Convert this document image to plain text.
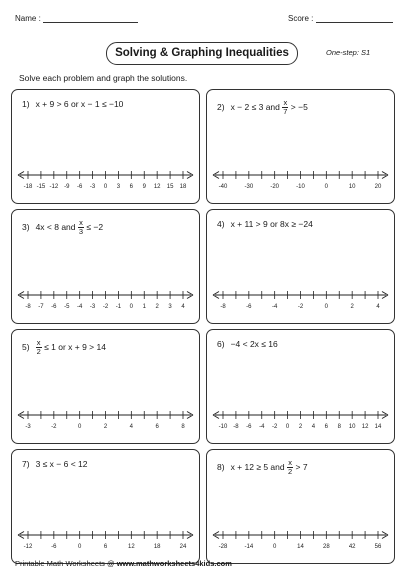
Name :	Score :
Solving & Graphing Inequalities	One-step: S1
Solve each problem and graph the solutions.
1) x + 9 > 6 or x − 1 ≤ −10
-18 -15 -12 -9 -6 -3 0 3 6 9 12 15 18
2) x − 2 ≤ 3 and $\frac{x}{7} > -5$
-40	-30	-20	-10	0	10	20
3) 4x < 8 and $\frac{x}{3} \le -2$
-8 -7 -6 -5 -4 -3 -2 -1 0 1 2 3 4
4) x + 11 > 9 or 8x ≥ −24
-8	-6	-4	-2	0	2	4
$5) \frac{x}{2} \le 1$ or x + 9 > 14
-3	-2	0	2	4	6	8
6) −4 < 2x ≤ 16
-10 -8 -6 -4 -2 0 2 4 6 8 10 12 14
7) 3 ≤ x − 6 < 12
-12	-6	0	6	12	18	24
8) x + 12 ≥ 5 and $\frac{x}{2} > 7$
-28	-14	0	14	28	42	56
Printable Math Worksheets @ www.mathworksheets4kids.com
